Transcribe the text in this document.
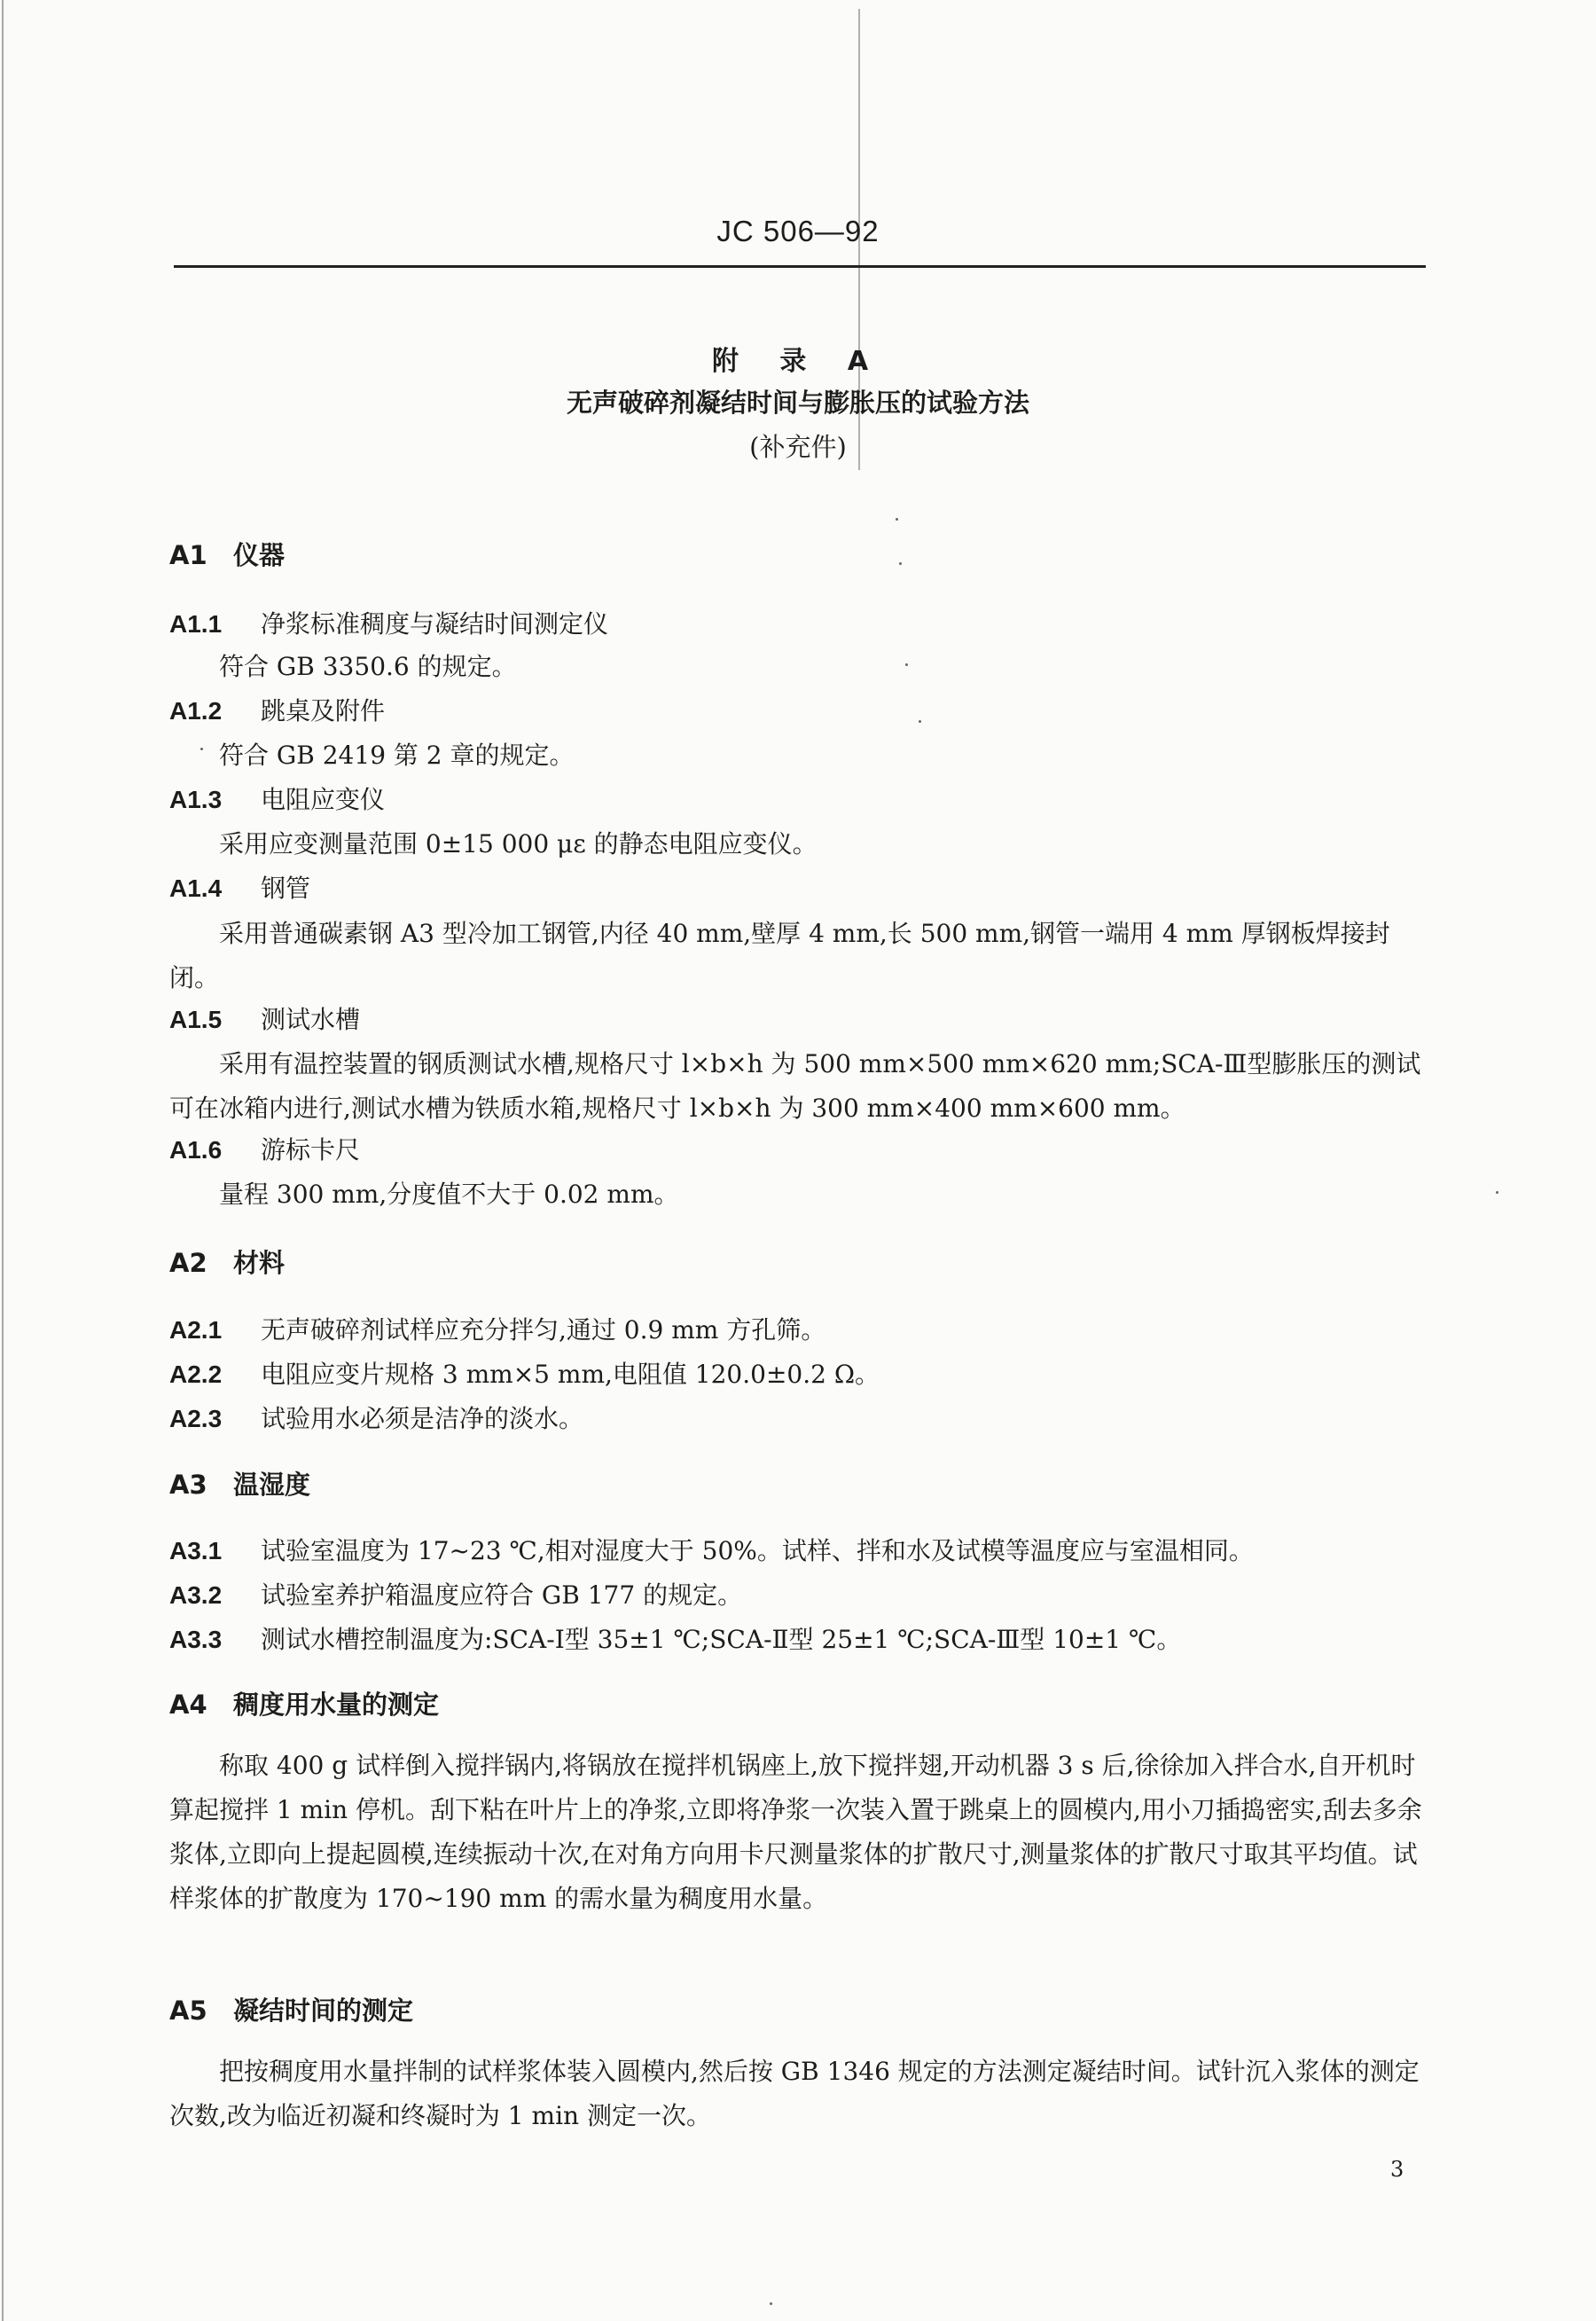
JC 506—92
附 录 A
无声破碎剂凝结时间与膨胀压的试验方法
(补充件)
A1 仪器
A1.1 净浆标准稠度与凝结时间测定仪
符合 GB 3350.6 的规定。
A1.2 跳桌及附件
符合 GB 2419 第 2 章的规定。
A1.3 电阻应变仪
采用应变测量范围 0±15 000 με 的静态电阻应变仪。
A1.4 钢管

采用普通碳素钢 A3 型冷加工钢管,内径 40 mm,壁厚 4 mm,长 500 mm,钢管一端用 4 mm 厚钢板焊接封闭。

A1.5 测试水槽

采用有温控装置的钢质测试水槽,规格尺寸 l×b×h 为 500 mm×500 mm×620 mm;SCA-Ⅲ型膨胀压的测试可在冰箱内进行,测试水槽为铁质水箱,规格尺寸 l×b×h 为 300 mm×400 mm×600 mm。

A1.6 游标卡尺
量程 300 mm,分度值不大于 0.02 mm。
A2 材料
A2.1 无声破碎剂试样应充分拌匀,通过 0.9 mm 方孔筛。
A2.2 电阻应变片规格 3 mm×5 mm,电阻值 120.0±0.2 Ω。
A2.3 试验用水必须是洁净的淡水。
A3 温湿度
A3.1 试验室温度为 17~23 ℃,相对湿度大于 50%。试样、拌和水及试模等温度应与室温相同。
A3.2 试验室养护箱温度应符合 GB 177 的规定。
A3.3 测试水槽控制温度为:SCA-Ⅰ型 35±1 ℃;SCA-Ⅱ型 25±1 ℃;SCA-Ⅲ型 10±1 ℃。
A4 稠度用水量的测定

称取 400 g 试样倒入搅拌锅内,将锅放在搅拌机锅座上,放下搅拌翅,开动机器 3 s 后,徐徐加入拌合水,自开机时算起搅拌 1 min 停机。刮下粘在叶片上的净浆,立即将净浆一次装入置于跳桌上的圆模内,用小刀插捣密实,刮去多余浆体,立即向上提起圆模,连续振动十次,在对角方向用卡尺测量浆体的扩散尺寸,测量浆体的扩散尺寸取其平均值。试样浆体的扩散度为 170~190 mm 的需水量为稠度用水量。

A5 凝结时间的测定

把按稠度用水量拌制的试样浆体装入圆模内,然后按 GB 1346 规定的方法测定凝结时间。试针沉入浆体的测定次数,改为临近初凝和终凝时为 1 min 测定一次。

3
